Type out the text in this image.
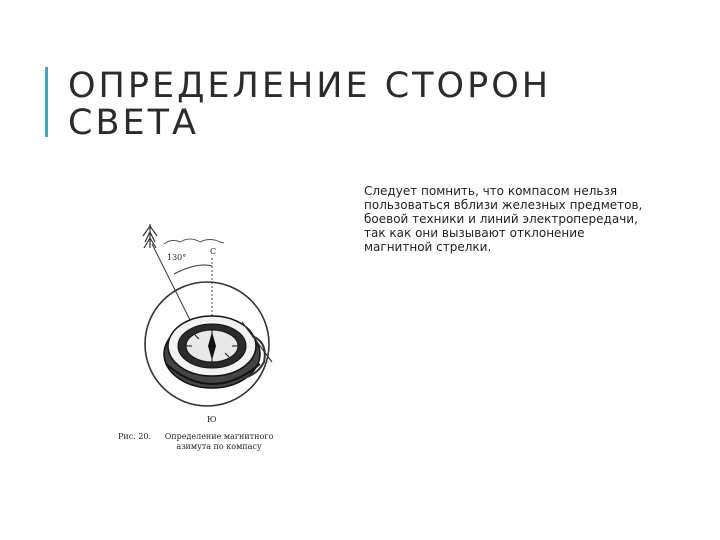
ОПРЕДЕЛЕНИЕ СТОРОН СВЕТА
130°
С
Ю
Рис. 20.	Определение магнитного азимута по компасу

Следует помнить, что компасом нельзя пользоваться вблизи железных предметов, боевой техники и линий электропередачи, так как они вызывают отклонение магнитной стрелки.
